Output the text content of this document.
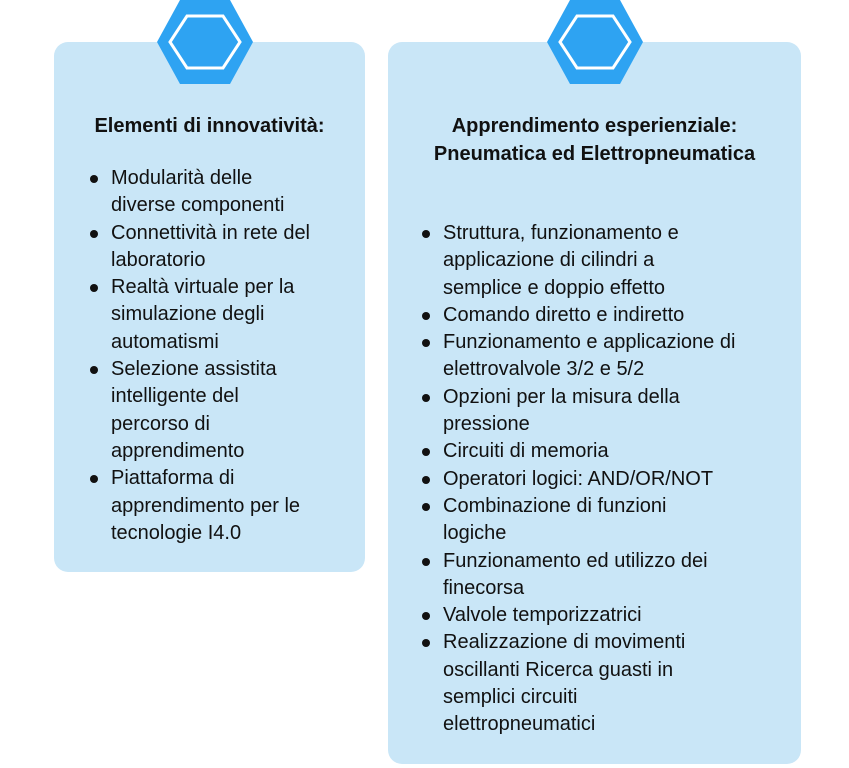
Elementi di innovatività:
Modularità delle
diverse componenti
Connettività in rete del
laboratorio
Realtà virtuale per la
simulazione degli
automatismi
Selezione assistita
intelligente del
percorso di
apprendimento
Piattaforma di
apprendimento per le
tecnologie I4.0
Apprendimento esperienziale:
Pneumatica ed Elettropneumatica
Struttura, funzionamento e
applicazione di cilindri a
semplice e doppio effetto
Comando diretto e indiretto
Funzionamento e applicazione di
elettrovalvole 3/2 e 5/2
Opzioni per la misura della
pressione
Circuiti di memoria
Operatori logici: AND/OR/NOT
Combinazione di funzioni
logiche
Funzionamento ed utilizzo dei
finecorsa
Valvole temporizzatrici
Realizzazione di movimenti
oscillanti Ricerca guasti in
semplici circuiti
elettropneumatici
